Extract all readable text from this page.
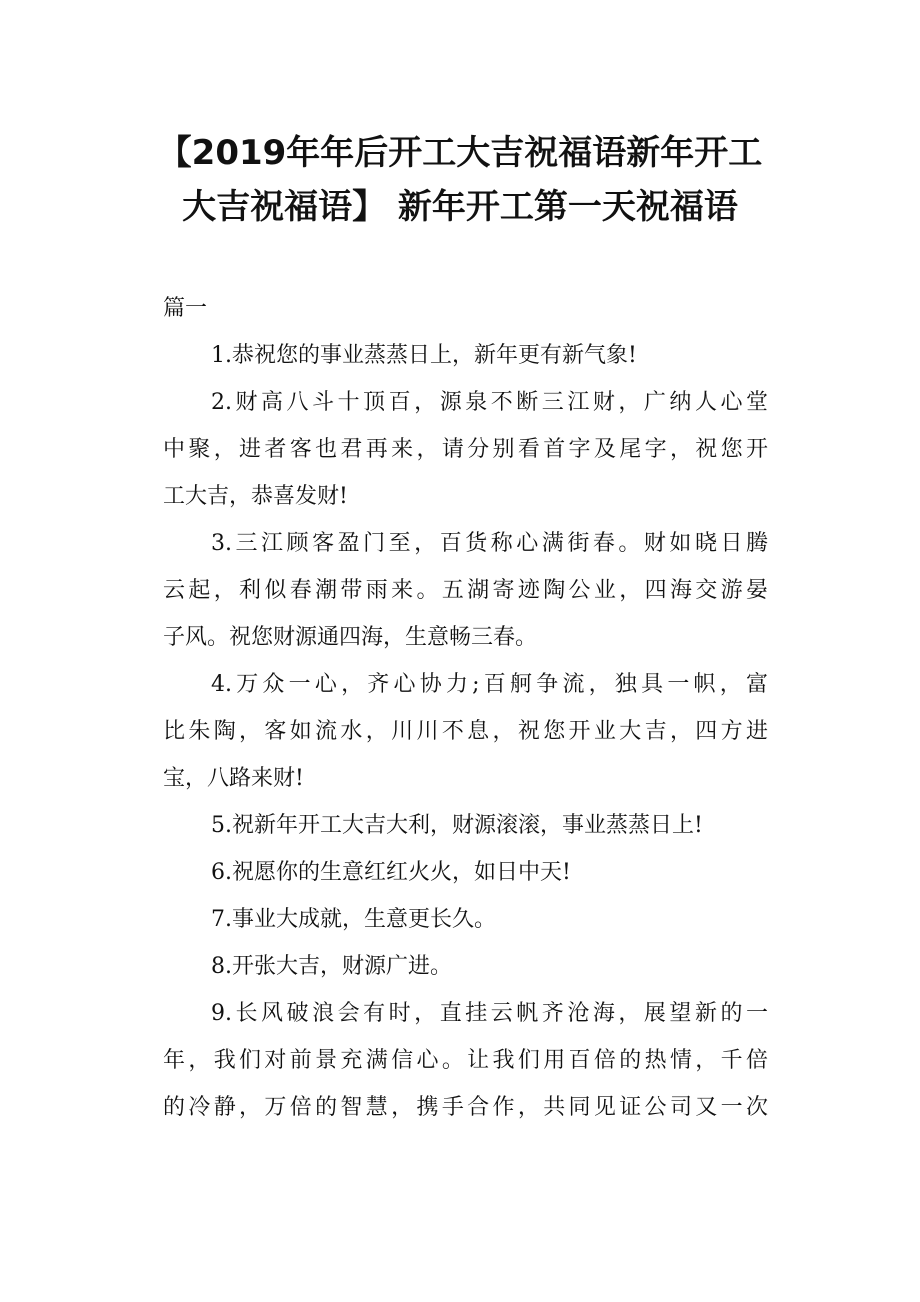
【2019年年后开工大吉祝福语新年开工
大吉祝福语】 新年开工第一天祝福语
篇一
1.恭祝您的事业蒸蒸日上，新年更有新气象!
2.财高八斗十顶百，源泉不断三江财，广纳人心堂
中聚，进者客也君再来，请分别看首字及尾字，祝您开
工大吉，恭喜发财!
3.三江顾客盈门至，百货称心满街春。财如晓日腾
云起，利似春潮带雨来。五湖寄迹陶公业，四海交游晏
子风。祝您财源通四海，生意畅三春。
4.万众一心，齐心协力;百舸争流，独具一帜，富
比朱陶，客如流水，川川不息，祝您开业大吉，四方进
宝，八路来财!
5.祝新年开工大吉大利，财源滚滚，事业蒸蒸日上!
6.祝愿你的生意红红火火，如日中天!
7.事业大成就，生意更长久。
8.开张大吉，财源广进。
9.长风破浪会有时，直挂云帆齐沧海，展望新的一
年，我们对前景充满信心。让我们用百倍的热情，千倍
的冷静，万倍的智慧，携手合作，共同见证公司又一次
